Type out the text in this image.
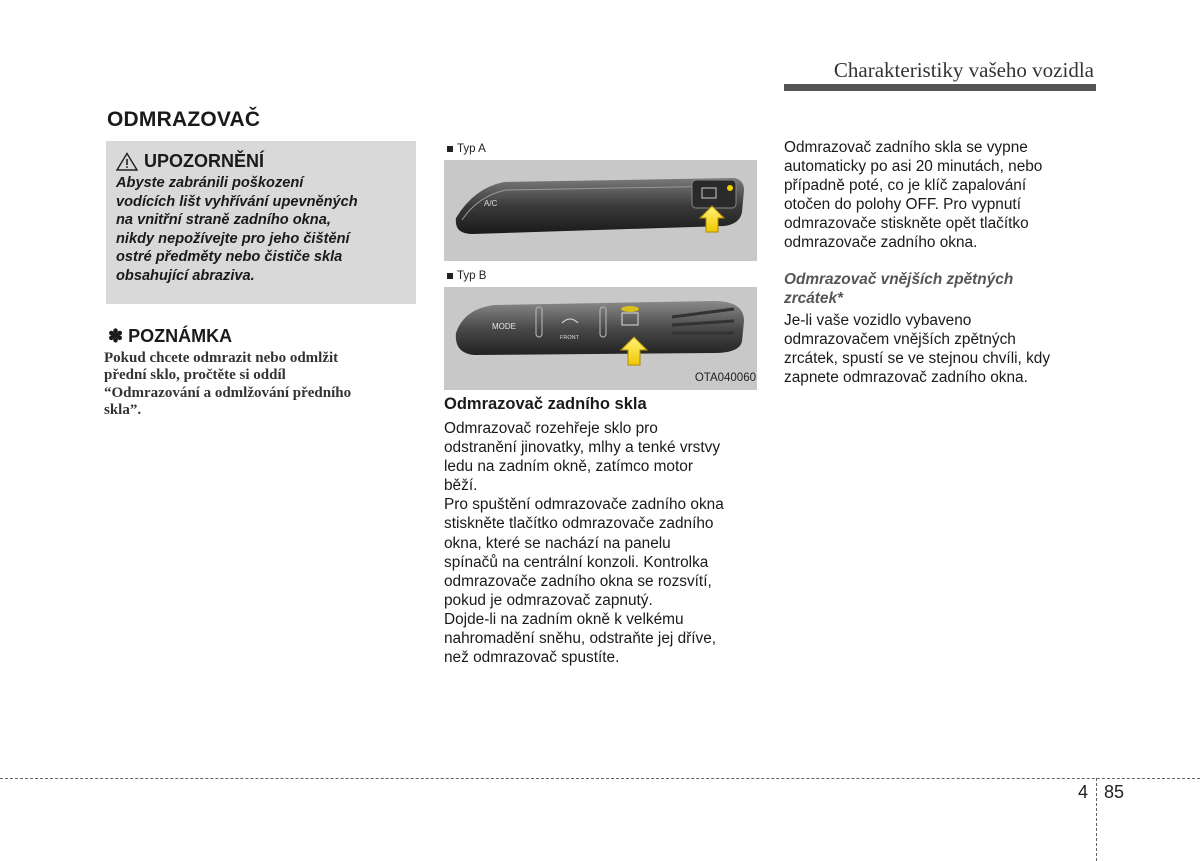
Charakteristiky vašeho vozidla
ODMRAZOVAČ
UPOZORNĚNÍ
Abyste zabránili poškození
vodících lišt vyhřívání upevněných
na vnitřní straně zadního okna,
nikdy nepožívejte pro jeho čištění
ostré předměty nebo čističe skla
obsahující abraziva.
✽ POZNÁMKA
Pokud chcete odmrazit nebo odmlžit
přední sklo, pročtěte si oddíl
“Odmrazování a odmlžování předního
skla”.
Typ A
A/C
Typ B
MODE
FRONT
OTA040060
Odmrazovač zadního skla
Odmrazovač rozehřeje sklo pro
odstranění jinovatky, mlhy a tenké vrstvy
ledu na zadním okně, zatímco motor
běží.
Pro spuštění odmrazovače zadního okna
stiskněte tlačítko odmrazovače zadního
okna, které se nachází na panelu
spínačů na centrální konzoli. Kontrolka
odmrazovače zadního okna se rozsvítí,
pokud je odmrazovač zapnutý.
Dojde-li na zadním okně k velkému
nahromadění sněhu, odstraňte jej dříve,
než odmrazovač spustíte.
Odmrazovač zadního skla se vypne
automaticky po asi 20 minutách, nebo
případně poté, co je klíč zapalování
otočen do polohy OFF. Pro vypnutí
odmrazovače stiskněte opět tlačítko
odmrazovače zadního okna.
Odmrazovač vnějších zpětných
zrcátek*
Je-li vaše vozidlo vybaveno
odmrazovačem vnějších zpětných
zrcátek, spustí se ve stejnou chvíli, kdy
zapnete odmrazovač zadního okna.
4 85
